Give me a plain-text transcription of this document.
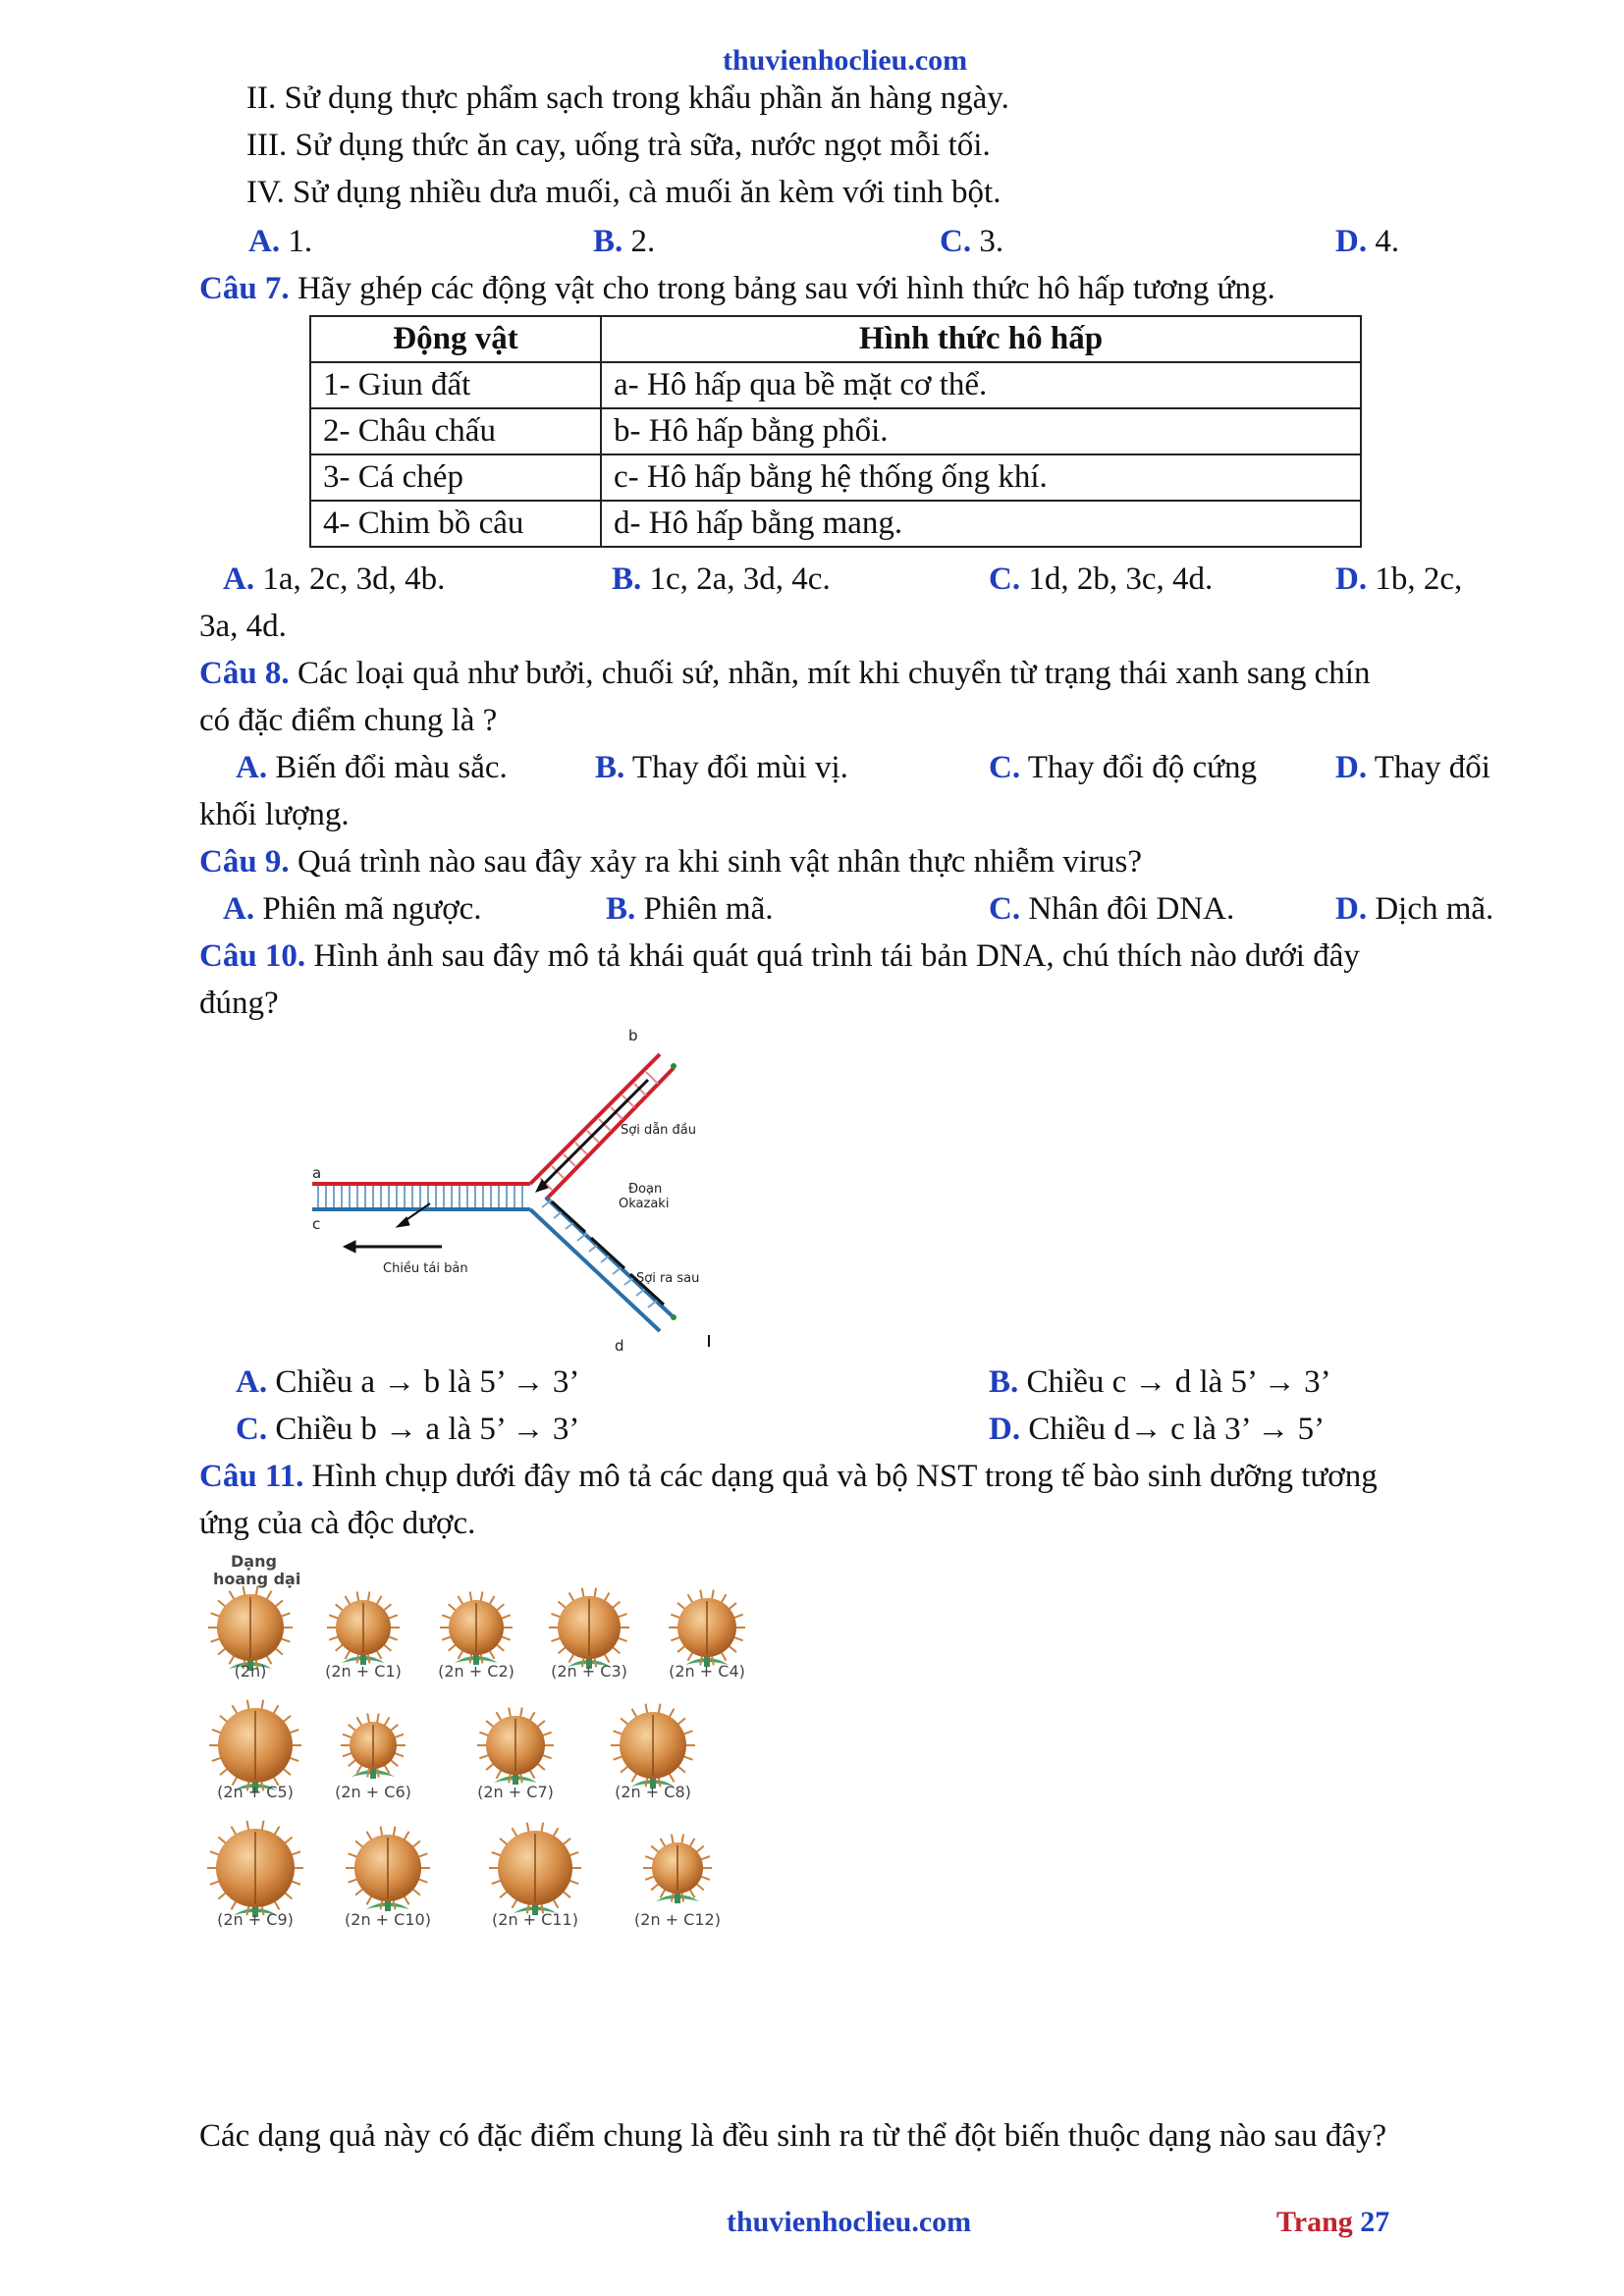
thuvienhoclieu.com
II. Sử dụng thực phẩm sạch trong khẩu phần ăn hàng ngày.
III. Sử dụng thức ăn cay, uống trà sữa, nước ngọt mỗi tối.
IV. Sử dụng nhiều dưa muối, cà muối ăn kèm với tinh bột.
A. 1.	B. 2.	C. 3.	D. 4.
Câu 7. Hãy ghép các động vật cho trong bảng sau với hình thức hô hấp tương ứng.
Động vật	Hình thức hô hấp
1- Giun đất	a- Hô hấp qua bề mặt cơ thể.
2- Châu chấu	b- Hô hấp bằng phổi.
3- Cá chép	c- Hô hấp bằng hệ thống ống khí.
4- Chim bồ câu	d- Hô hấp bằng mang.
A. 1a, 2c, 3d, 4b.	B. 1c, 2a, 3d, 4c.	C. 1d, 2b, 3c, 4d.	D. 1b, 2c,
3a, 4d.
Câu 8. Các loại quả như bưởi, chuối sứ, nhãn, mít khi chuyển từ trạng thái xanh sang chín
có đặc điểm chung là ?
A. Biến đổi màu sắc.	B. Thay đổi mùi vị.	C. Thay đổi độ cứng D. Thay đổi
khối lượng.
Câu 9. Quá trình nào sau đây xảy ra khi sinh vật nhân thực nhiễm virus?
A. Phiên mã ngược.	B. Phiên mã.	C. Nhân đôi DNA.	D. Dịch mã.
Câu 10. Hình ảnh sau đây mô tả khái quát quá trình tái bản DNA, chú thích nào dưới đây
đúng?
a
b
c
d
Sợi dẫn đầu
Đoạn
Okazaki
Sợi ra sau
Chiều tái bản
A. Chiều a → b là 5’ → 3’	B. Chiều c → d là 5’ → 3’
C. Chiều b → a là 5’ → 3’	D. Chiều d→ c là 3’ → 5’
Câu 11. Hình chụp dưới đây mô tả các dạng quả và bộ NST trong tế bào sinh dưỡng tương
ứng của cà độc dược.
Dạng
hoang dại
(2n)	(2n + C1) (2n + C2) (2n + C3)	(2n + C4)
(2n + C5)	(2n + C6)	(2n + C7)	(2n + C8)
(2n + C9)	(2n + C10)	(2n + C11)	(2n + C12)
Các dạng quả này có đặc điểm chung là đều sinh ra từ thể đột biến thuộc dạng nào sau đây?
thuvienhoclieu.com	Trang 27
